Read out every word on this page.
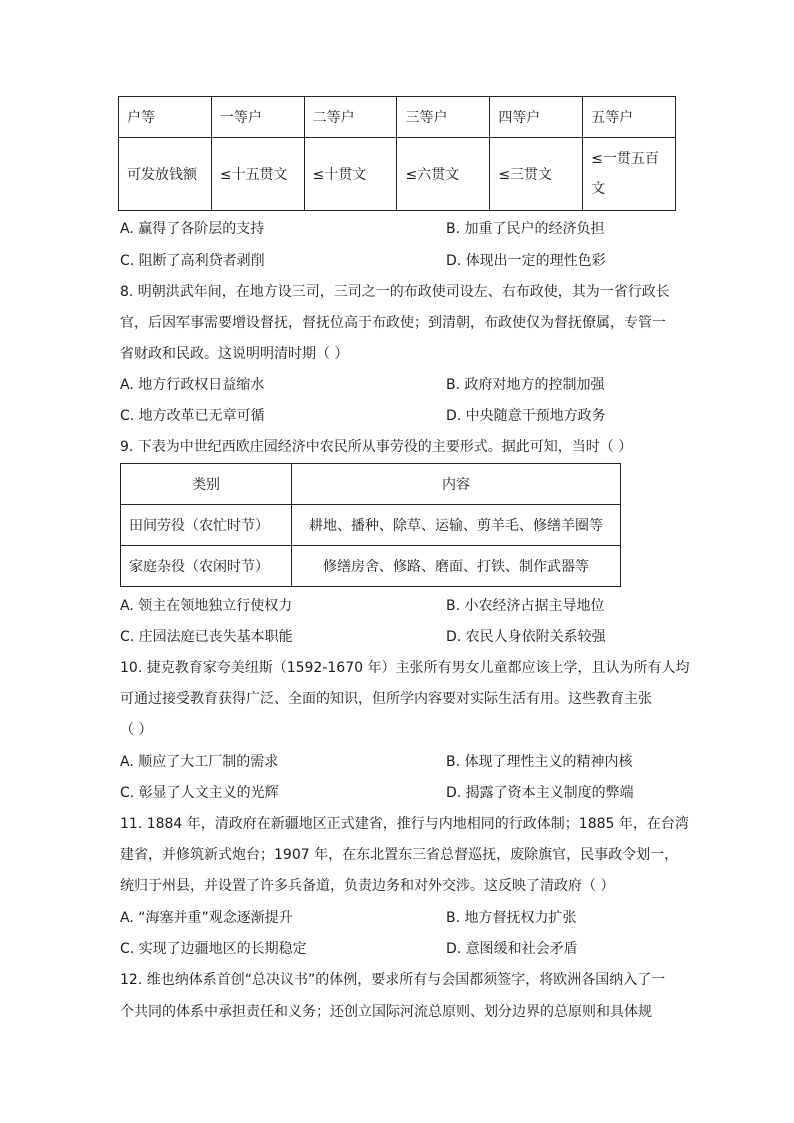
户等	一等户	二等户	三等户	四等户	五等户
可发放钱额	≤十五贯文	≤十贯文	≤六贯文	≤三贯文	≤一贯五百文
A. 赢得了各阶层的支持	B. 加重了民户的经济负担
C. 阻断了高利贷者剥削	D. 体现出一定的理性色彩
8. 明朝洪武年间，在地方设三司，三司之一的布政使司设左、右布政使，其为一省行政长
官，后因军事需要增设督抚，督抚位高于布政使；到清朝，布政使仅为督抚僚属，专管一
省财政和民政。这说明明清时期（ ）
A. 地方行政权日益缩水	B. 政府对地方的控制加强
C. 地方改革已无章可循	D. 中央随意干预地方政务
9. 下表为中世纪西欧庄园经济中农民所从事劳役的主要形式。据此可知，当时（ ）
类别	内容
田间劳役（农忙时节）	耕地、播种、除草、运输、剪羊毛、修缮羊圈等
家庭杂役（农闲时节）	修缮房舍、修路、磨面、打铁、制作武器等
A. 领主在领地独立行使权力	B. 小农经济占据主导地位
C. 庄园法庭已丧失基本职能	D. 农民人身依附关系较强
10. 捷克教育家夸美纽斯（1592-1670 年）主张所有男女儿童都应该上学，且认为所有人均
可通过接受教育获得广泛、全面的知识，但所学内容要对实际生活有用。这些教育主张
（ ）
A. 顺应了大工厂制的需求	B. 体现了理性主义的精神内核
C. 彰显了人文主义的光辉	D. 揭露了资本主义制度的弊端
11. 1884 年，清政府在新疆地区正式建省，推行与内地相同的行政体制；1885 年，在台湾
建省，并修筑新式炮台；1907 年，在东北置东三省总督巡抚，废除旗官，民事政令划一，
统归于州县，并设置了许多兵备道，负责边务和对外交涉。这反映了清政府（ ）
A. “海塞并重”观念逐渐提升	B. 地方督抚权力扩张
C. 实现了边疆地区的长期稳定	D. 意图缓和社会矛盾
12. 维也纳体系首创“总决议书”的体例，要求所有与会国都须签字，将欧洲各国纳入了一
个共同的体系中承担责任和义务；还创立国际河流总原则、划分边界的总原则和具体规
